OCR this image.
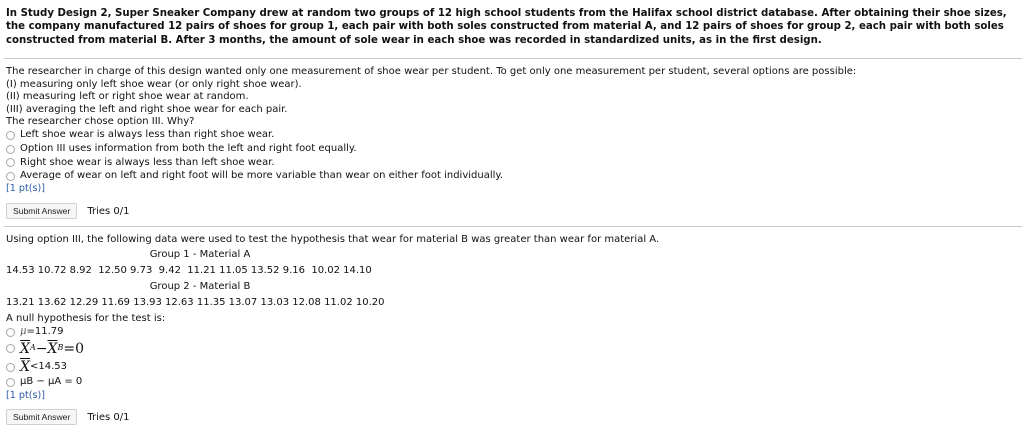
In Study Design 2, Super Sneaker Company drew at random two groups of 12 high school students from the Halifax school district database. After obtaining their shoe sizes, the company manufactured 12 pairs of shoes for group 1, each pair with both soles constructed from material A, and 12 pairs of shoes for group 2, each pair with both soles constructed from material B. After 3 months, the amount of sole wear in each shoe was recorded in standardized units, as in the first design.
The researcher in charge of this design wanted only one measurement of shoe wear per student. To get only one measurement per student, several options are possible:
(I) measuring only left shoe wear (or only right shoe wear).
(II) measuring left or right shoe wear at random.
(III) averaging the left and right shoe wear for each pair.
The researcher chose option III. Why?
Left shoe wear is always less than right shoe wear.
Option III uses information from both the left and right foot equally.
Right shoe wear is always less than left shoe wear.
Average of wear on left and right foot will be more variable than wear on either foot individually.
[1 pt(s)]
Submit Answer	Tries 0/1
Using option III, the following data were used to test the hypothesis that wear for material B was greater than wear for material A.
Group 1 - Material A
14.53 10.72 8.92  12.50 9.73  9.42  11.21 11.05 13.52 9.16  10.02 14.10
Group 2 - Material B
13.21 13.62 12.29 11.69 13.93 12.63 11.35 13.07 13.03 12.08 11.02 10.20
A null hypothesis for the test is:
μ =11.79
$\overline{X}$ $A - \overline{X}$ B =0
$\overline{X} <14.53$
μB − μA = 0
[1 pt(s)]
Submit Answer	Tries 0/1
